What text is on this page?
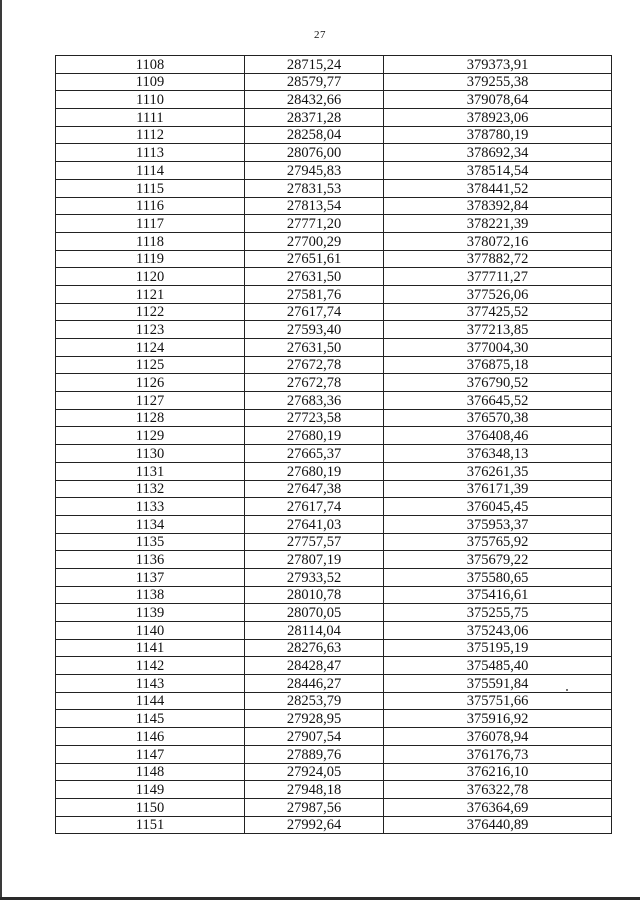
27
1108	28715,24	379373,91
1109	28579,77	379255,38
1110	28432,66	379078,64
1111	28371,28	378923,06
1112	28258,04	378780,19
1113	28076,00	378692,34
1114	27945,83	378514,54
1115	27831,53	378441,52
1116	27813,54	378392,84
1117	27771,20	378221,39
1118	27700,29	378072,16
1119	27651,61	377882,72
1120	27631,50	377711,27
1121	27581,76	377526,06
1122	27617,74	377425,52
1123	27593,40	377213,85
1124	27631,50	377004,30
1125	27672,78	376875,18
1126	27672,78	376790,52
1127	27683,36	376645,52
1128	27723,58	376570,38
1129	27680,19	376408,46
1130	27665,37	376348,13
1131	27680,19	376261,35
1132	27647,38	376171,39
1133	27617,74	376045,45
1134	27641,03	375953,37
1135	27757,57	375765,92
1136	27807,19	375679,22
1137	27933,52	375580,65
1138	28010,78	375416,61
1139	28070,05	375255,75
1140	28114,04	375243,06
1141	28276,63	375195,19
1142	28428,47	375485,40
1143	28446,27	375591,84
1144	28253,79	375751,66
1145	27928,95	375916,92
1146	27907,54	376078,94
1147	27889,76	376176,73
1148	27924,05	376216,10
1149	27948,18	376322,78
1150	27987,56	376364,69
1151	27992,64	376440,89
